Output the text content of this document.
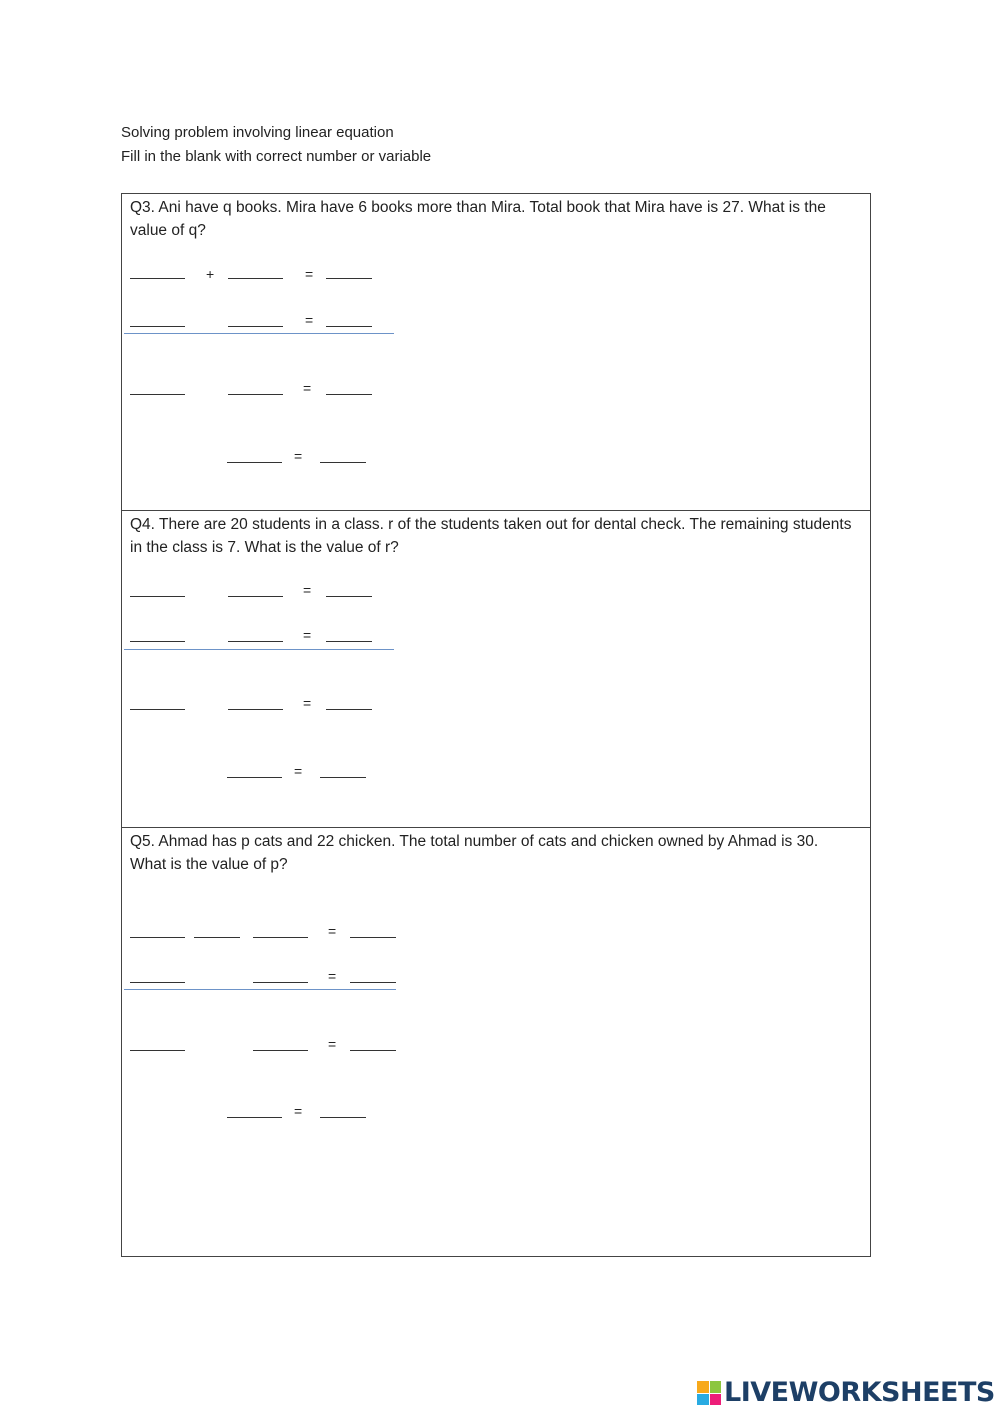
Solving problem involving linear equation
Fill in the blank with correct number or variable
Q3. Ani have q books. Mira have 6 books more than Mira. Total book that Mira have is 27. What is the value of q?
+	=
=
=
=
Q4. There are 20 students in a class. r of the students taken out for dental check. The remaining students in the class is 7. What is the value of r?
=
=
=
=
Q5. Ahmad has p cats and 22 chicken. The total number of cats and chicken owned by Ahmad is 30. What is the value of p?
=
=
=
=
LIVEWORKSHEETS
